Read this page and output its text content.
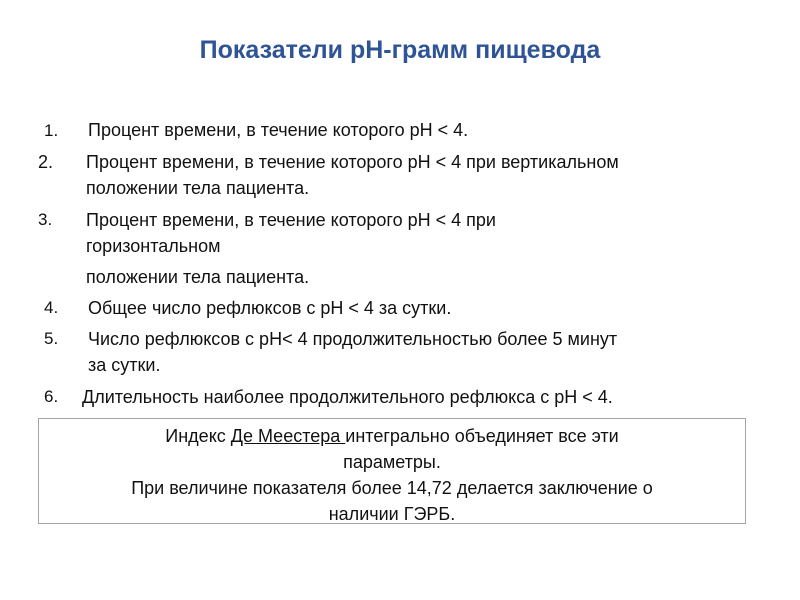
Показатели рН-грамм пищевода
1. Процент времени, в течение которого рН < 4.
2. Процент времени, в течение которого рН < 4 при вертикальном
положении тела пациента.
3. Процент времени, в течение которого рН < 4 при
горизонтальном
положении тела пациента.
4. Общее число рефлюксов с рН < 4 за сутки.
5. Число рефлюксов с рН< 4 продолжительностью более 5 минут
за сутки.
6. Длительность наиболее продолжительного рефлюкса с рН < 4.
Индекс Де Меестера интегрально объединяет все эти
параметры.
При величине показателя более 14,72 делается заключение о
наличии ГЭРБ.
